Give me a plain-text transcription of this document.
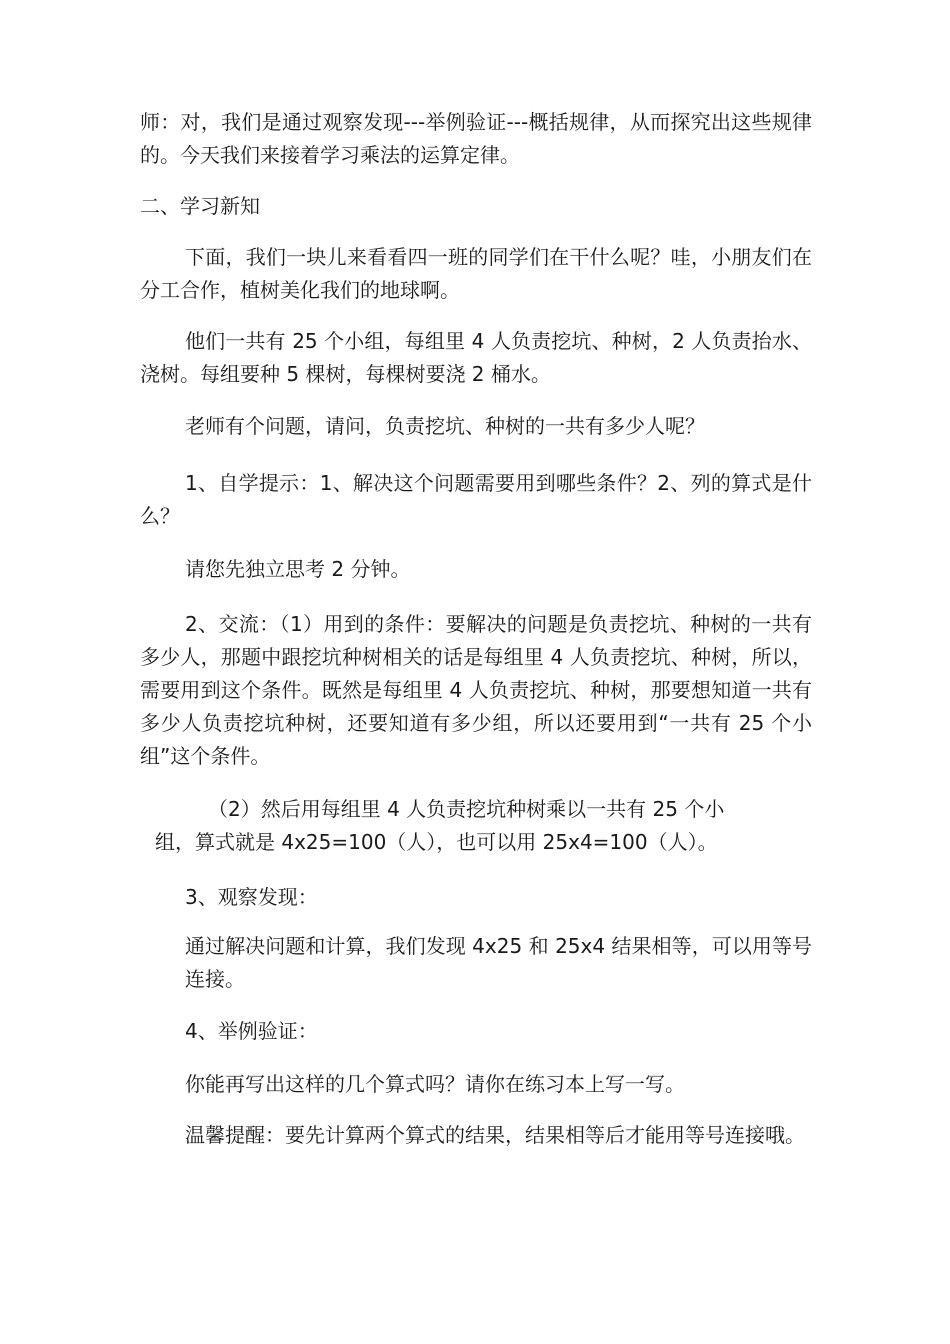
师：对，我们是通过观察发现---举例验证---概括规律，从而探究出这些规律的。今天我们来接着学习乘法的运算定律。

二、学习新知

下面，我们一块儿来看看四一班的同学们在干什么呢？哇，小朋友们在分工合作，植树美化我们的地球啊。

他们一共有 25 个小组，每组里 4 人负责挖坑、种树，2 人负责抬水、浇树。每组要种 5 棵树，每棵树要浇 2 桶水。

老师有个问题，请问，负责挖坑、种树的一共有多少人呢？

1、自学提示：1、解决这个问题需要用到哪些条件？2、列的算式是什么？

请您先独立思考 2 分钟。

2、交流：（1）用到的条件：要解决的问题是负责挖坑、种树的一共有多少人，那题中跟挖坑种树相关的话是每组里 4 人负责挖坑、种树，所以，需要用到这个条件。既然是每组里 4 人负责挖坑、种树，那要想知道一共有多少人负责挖坑种树，还要知道有多少组，所以还要用到“一共有 25 个小组”这个条件。

（2）然后用每组里 4 人负责挖坑种树乘以一共有 25 个小

组，算式就是 4x25=100（人），也可以用 25x4=100（人）。

3、观察发现：

通过解决问题和计算，我们发现 4x25 和 25x4 结果相等，可以用等号连接。

4、举例验证：

你能再写出这样的几个算式吗？请你在练习本上写一写。

温馨提醒：要先计算两个算式的结果，结果相等后才能用等号连接哦。
